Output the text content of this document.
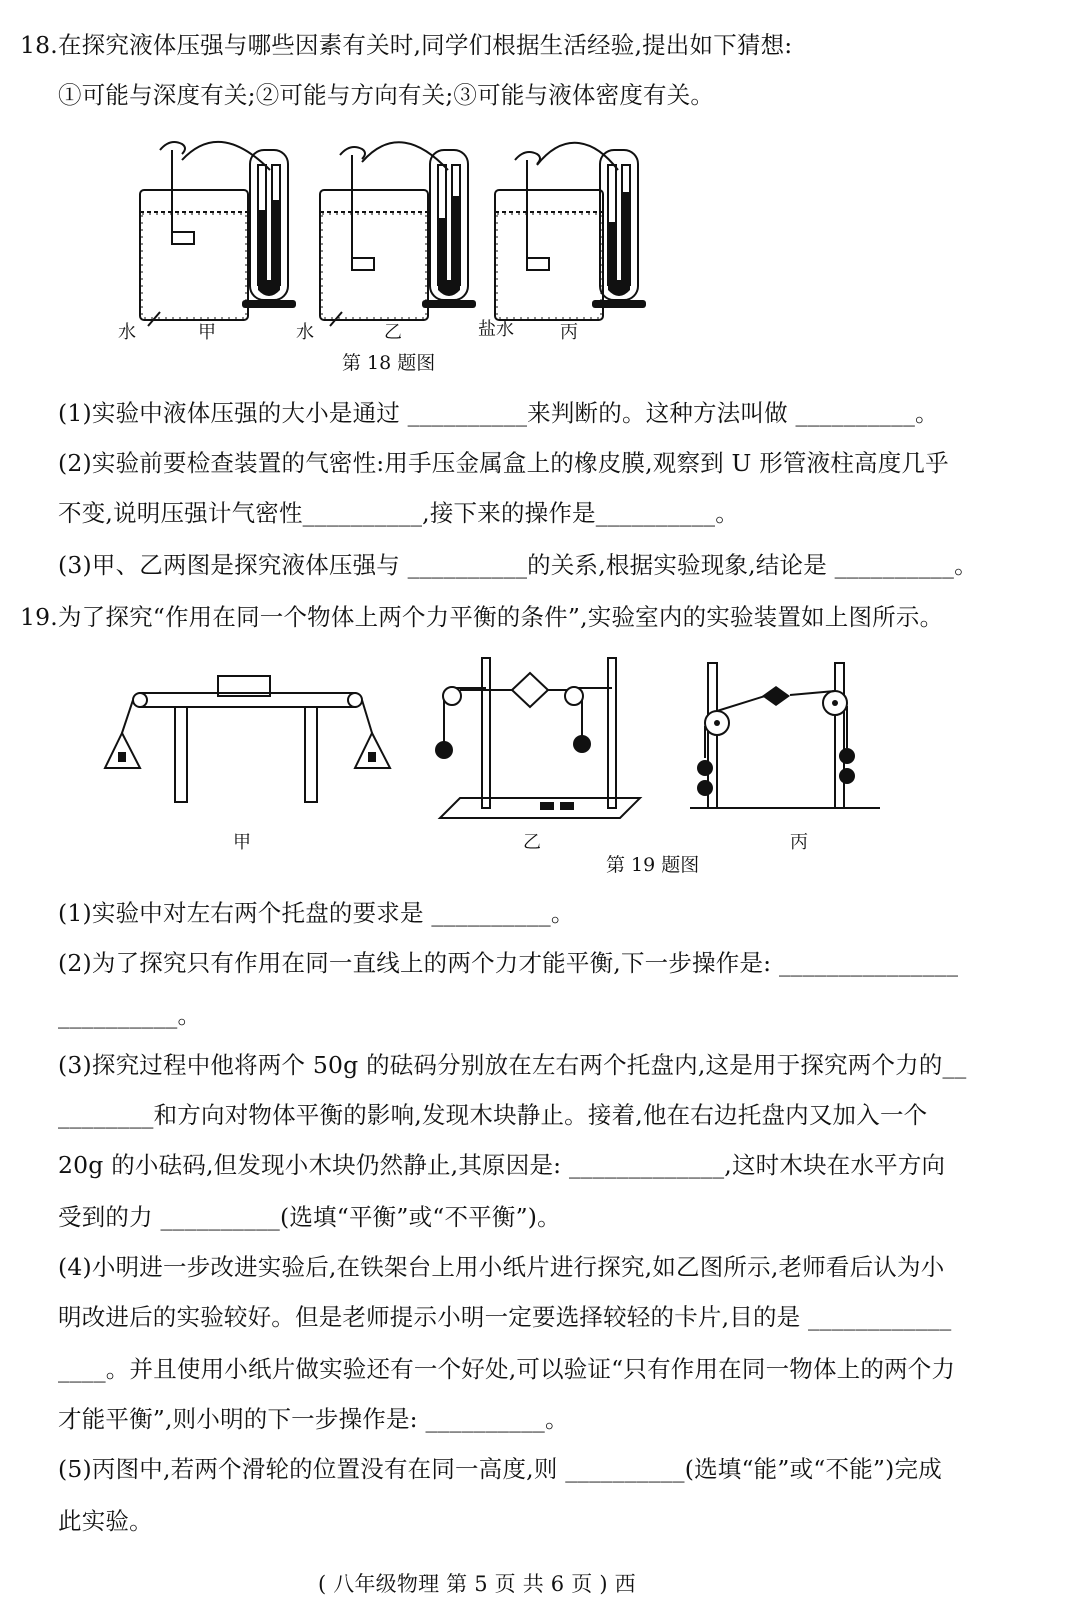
18.在探究液体压强与哪些因素有关时,同学们根据生活经验,提出如下猜想:
①可能与深度有关;②可能与方向有关;③可能与液体密度有关。
水	甲	水	乙	盐水	丙
第 18 题图
(1)实验中液体压强的大小是通过 __________来判断的。这种方法叫做 __________。
(2)实验前要检查装置的气密性:用手压金属盒上的橡皮膜,观察到 U 形管液柱高度几乎
不变,说明压强计气密性__________,接下来的操作是__________。
(3)甲、乙两图是探究液体压强与 __________的关系,根据实验现象,结论是 __________。
19.为了探究“作用在同一个物体上两个力平衡的条件”,实验室内的实验装置如上图所示。
甲	乙	丙
第 19 题图
(1)实验中对左右两个托盘的要求是 __________。
(2)为了探究只有作用在同一直线上的两个力才能平衡,下一步操作是: _______________
__________。
(3)探究过程中他将两个 50g 的砝码分别放在左右两个托盘内,这是用于探究两个力的__
________和方向对物体平衡的影响,发现木块静止。接着,他在右边托盘内又加入一个
20g 的小砝码,但发现小木块仍然静止,其原因是: _____________,这时木块在水平方向
受到的力 __________(选填“平衡”或“不平衡”)。
(4)小明进一步改进实验后,在铁架台上用小纸片进行探究,如乙图所示,老师看后认为小
明改进后的实验较好。但是老师提示小明一定要选择较轻的卡片,目的是 ____________
____。并且使用小纸片做实验还有一个好处,可以验证“只有作用在同一物体上的两个力
才能平衡”,则小明的下一步操作是: __________。
(5)丙图中,若两个滑轮的位置没有在同一高度,则 __________(选填“能”或“不能”)完成
此实验。
( 八年级物理 第 5 页 共 6 页 ) 西
